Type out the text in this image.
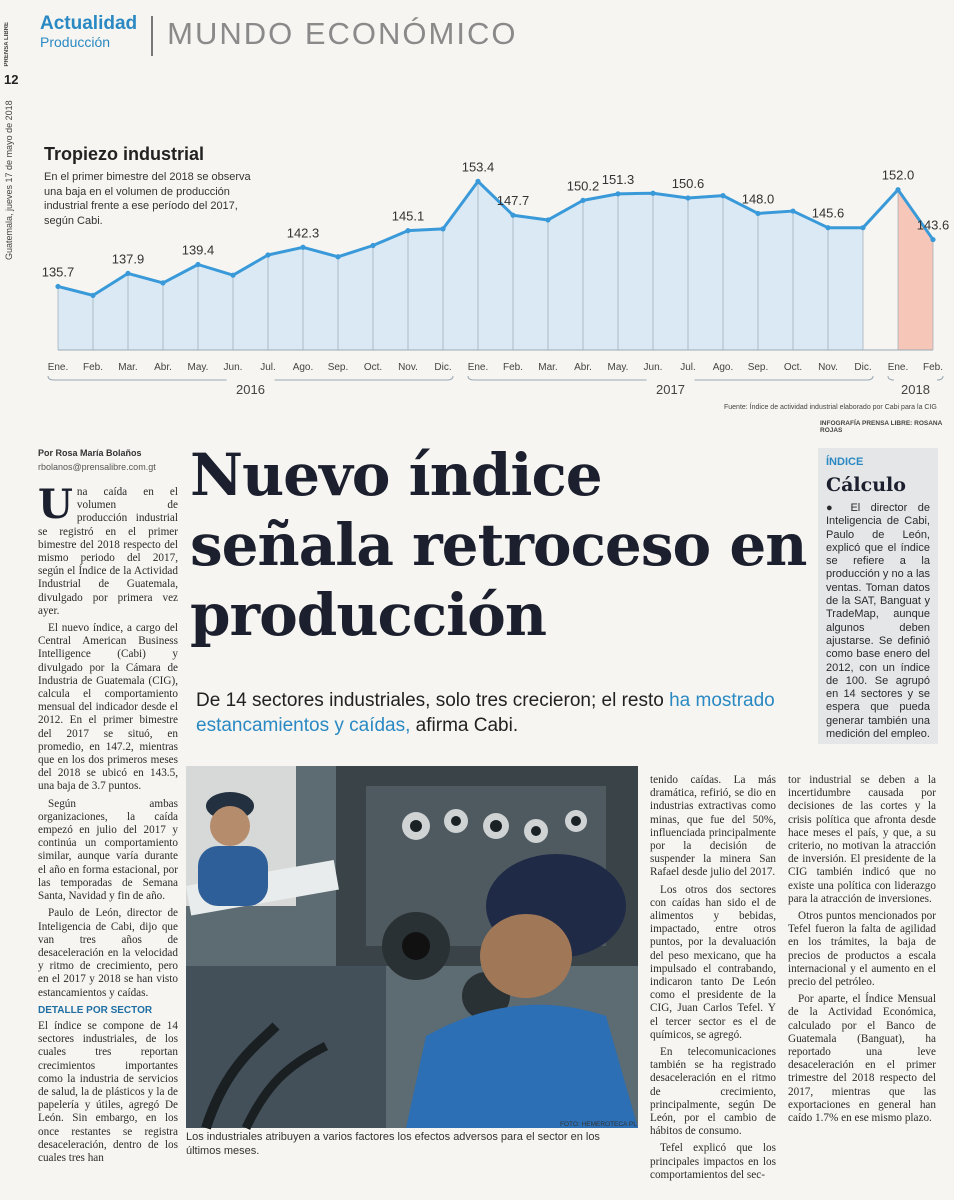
Actualidad
Producción	MUNDO ECONÓMICO
PRENSA LIBRE
12
Guatemala, jueves 17 de mayo de 2018
135.7
137.9
139.4
142.3
145.1
153.4
147.7
150.2 151.3	150.6
148.0
145.6
152.0
143.6
Ene. Feb. Mar. Abr. May. Jun. Jul. Ago. Sep. Oct. Nov. Dic. Ene. Feb. Mar. Abr. May. Jun. Jul. Ago. Sep. Oct. Nov. Dic. Ene. Feb.
2016	2017	2018
Tropiezo industrial
En el primer bimestre del 2018 se observa una baja en el volumen de producción industrial frente a ese período del 2017, según Cabi.
Fuente: Índice de actividad industrial elaborado por Cabi para la CIG
INFOGRAFÍA PRENSA LIBRE: ROSANA ROJAS
Por Rosa María Bolaños
rbolanos@prensalibre.com.gt Nuevo índice señala retroceso en producción
De 14 sectores industriales, solo tres crecieron; el resto ha mostrado estancamientos y caídas, afirma Cabi.

Una caída en el volumen de producción industrial se registró en el primer bimestre del 2018 respecto del mismo periodo del 2017, según el Índice de la Actividad Industrial de Guatemala, divulgado por primera vez ayer.

El nuevo índice, a cargo del Central American Business Intelligence (Cabi) y divulgado por la Cámara de Industria de Guatemala (CIG), calcula el comportamiento mensual del indicador desde el 2012. En el primer bimestre del 2017 se situó, en promedio, en 147.2, mientras que en los dos primeros meses del 2018 se ubicó en 143.5, una baja de 3.7 puntos.

Según ambas organizaciones, la caída empezó en julio del 2017 y continúa un comportamiento similar, aunque varía durante el año en forma estacional, por las temporadas de Semana Santa, Navidad y fin de año.

Paulo de León, director de Inteligencia de Cabi, dijo que van tres años de desaceleración en la velocidad y ritmo de crecimiento, pero en el 2017 y 2018 se han visto estancamientos y caídas.

DETALLE POR SECTOR

El índice se compone de 14 sectores industriales, de los cuales tres reportan crecimientos importantes como la industria de servicios de salud, la de plásticos y la de papelería y útiles, agregó De León. Sin embargo, en los once restantes se registra desaceleración, dentro de los cuales tres han

FOTO: HEMEROTECA PL
Los industriales atribuyen a varios factores los efectos adversos para el sector en los últimos meses.

tenido caídas. La más dramática, refirió, se dio en industrias extractivas como minas, que fue del 50%, influenciada principalmente por la decisión de suspender la minera San Rafael desde julio del 2017.

Los otros dos sectores con caídas han sido el de alimentos y bebidas, impactado, entre otros puntos, por la devaluación del peso mexicano, que ha impulsado el contrabando, indicaron tanto De León como el presidente de la CIG, Juan Carlos Tefel. Y el tercer sector es el de químicos, se agregó.

En telecomunicaciones también se ha registrado desaceleración en el ritmo de crecimiento, principalmente, según De León, por el cambio de hábitos de consumo.

Tefel explicó que los principales impactos en los comportamientos del sec-

tor industrial se deben a la incertidumbre causada por decisiones de las cortes y la crisis política que afronta desde hace meses el país, y que, a su criterio, no motivan la atracción de inversión. El presidente de la CIG también indicó que no existe una política con liderazgo para la atracción de inversiones.

Otros puntos mencionados por Tefel fueron la falta de agilidad en los trámites, la baja de precios de productos a escala internacional y el aumento en el precio del petróleo.

Por aparte, el Índice Mensual de la Actividad Económica, calculado por el Banco de Guatemala (Banguat), ha reportado una leve desaceleración en el primer trimestre del 2018 respecto del 2017, mientras que las exportaciones en general han caído 1.7% en ese mismo plazo.

ÍNDICE
Cálculo
● El director de Inteligencia de Cabi, Paulo de León, explicó que el índice se refiere a la producción y no a las ventas. Toman datos de la SAT, Banguat y TradeMap, aunque algunos deben ajustarse. Se definió como base enero del 2012, con un índice de 100. Se agrupó en 14 sectores y se espera que pueda generar también una medición del empleo.
